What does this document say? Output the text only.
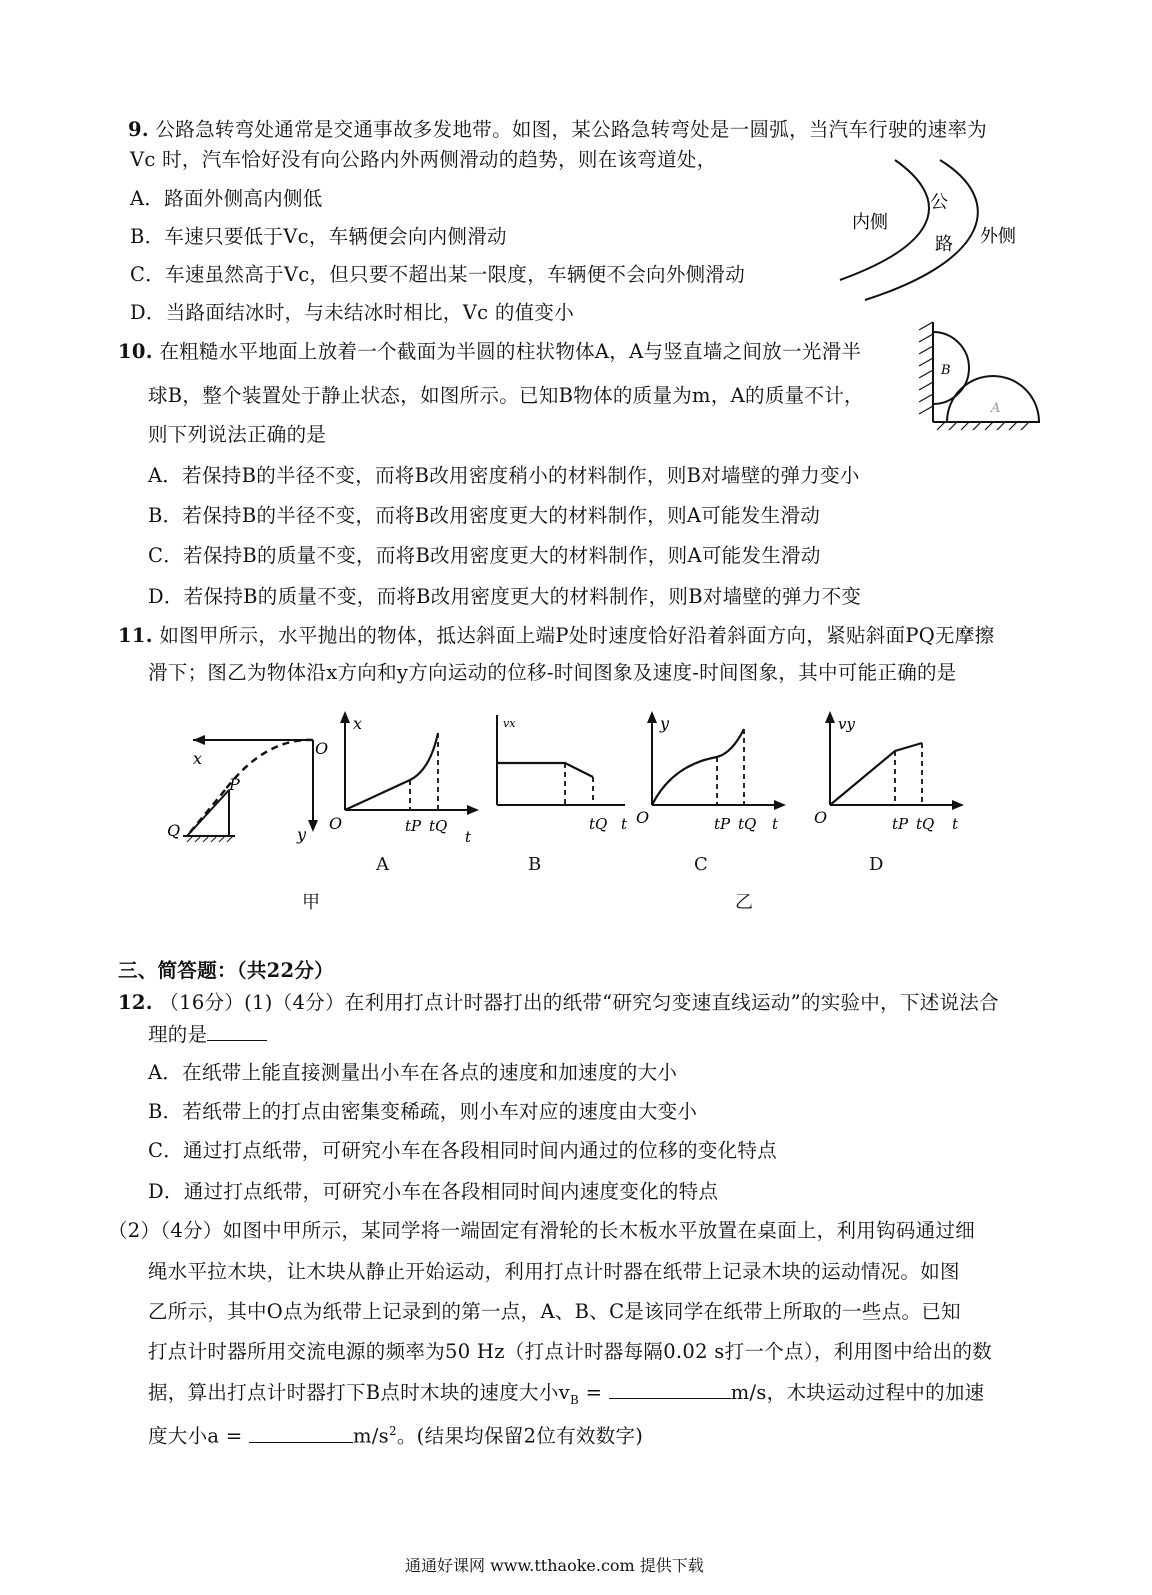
9. 公路急转弯处通常是交通事故多发地带。如图，某公路急转弯处是一圆弧，当汽车行驶的速率为
Vc 时，汽车恰好没有向公路内外两侧滑动的趋势，则在该弯道处，
A．路面外侧高内侧低
B．车速只要低于Vc，车辆便会向内侧滑动
C．车速虽然高于Vc，但只要不超出某一限度，车辆便不会向外侧滑动
D．当路面结冰时，与未结冰时相比，Vc 的值变小
内侧
公
路 外侧
10. 在粗糙水平地面上放着一个截面为半圆的柱状物体A，A与竖直墙之间放一光滑半
球B，整个装置处于静止状态，如图所示。已知B物体的质量为m，A的质量不计，
则下列说法正确的是
A．若保持B的半径不变，而将B改用密度稍小的材料制作，则B对墙壁的弹力变小
B．若保持B的半径不变，而将B改用密度更大的材料制作，则A可能发生滑动
C．若保持B的质量不变，而将B改用密度更大的材料制作，则A可能发生滑动
D．若保持B的质量不变，而将B改用密度更大的材料制作，则B对墙壁的弹力不变
B
A
11. 如图甲所示，水平抛出的物体，抵达斜面上端P处时速度恰好沿着斜面方向，紧贴斜面PQ无摩擦
滑下；图乙为物体沿x方向和y方向运动的位移-时间图象及速度-时间图象，其中可能正确的是
x
O
P
Q	y
甲
x
O	tP tQ
t
A
vx
tQ t
B
y
O	tP tQ t
C
vy
O	tP tQ t
D
乙
三、简答题：（共22分）
12. （16分）(1)（4分）在利用打点计时器打出的纸带“研究匀变速直线运动”的实验中，下述说法合
理的是
A．在纸带上能直接测量出小车在各点的速度和加速度的大小
B．若纸带上的打点由密集变稀疏，则小车对应的速度由大变小
C．通过打点纸带，可研究小车在各段相同时间内通过的位移的变化特点
D．通过打点纸带，可研究小车在各段相同时间内速度变化的特点
（2）（4分）如图中甲所示，某同学将一端固定有滑轮的长木板水平放置在桌面上，利用钩码通过细
绳水平拉木块，让木块从静止开始运动，利用打点计时器在纸带上记录木块的运动情况。如图
乙所示，其中O点为纸带上记录到的第一点，A、B、C是该同学在纸带上所取的一些点。已知
打点计时器所用交流电源的频率为50 Hz（打点计时器每隔0.02 s打一个点），利用图中给出的数
据，算出打点计时器打下B点时木块的速度大小$v_B$ =	m/s，木块运动过程中的加速
度大小a =	$m/s^2$。(结果均保留2位有效数字)
通通好课网 www.tthaoke.com 提供下载
